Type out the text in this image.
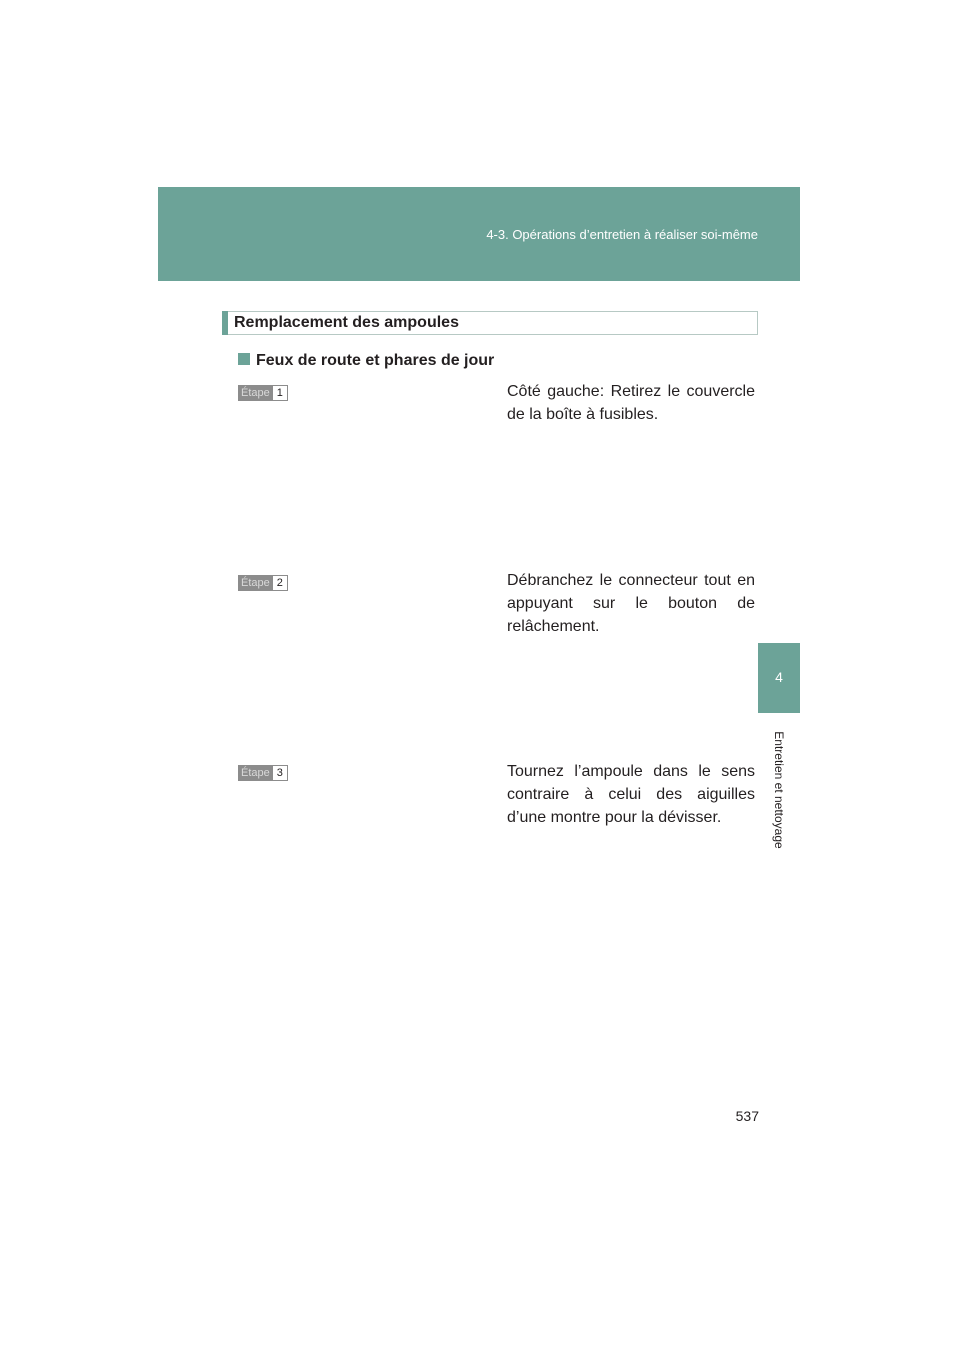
4-3. Opérations d’entretien à réaliser soi-même
4
Entretien et nettoyage
Remplacement des ampoules
Feux de route et phares de jour
Étape 1	Côté gauche: Retirez le couvercle de la boîte à fusibles.
Étape 2	Débranchez le connecteur tout en appuyant sur le bouton de relâchement.
Étape 3	Tournez l’ampoule dans le sens contraire à celui des aiguilles d’une montre pour la dévisser.
537
